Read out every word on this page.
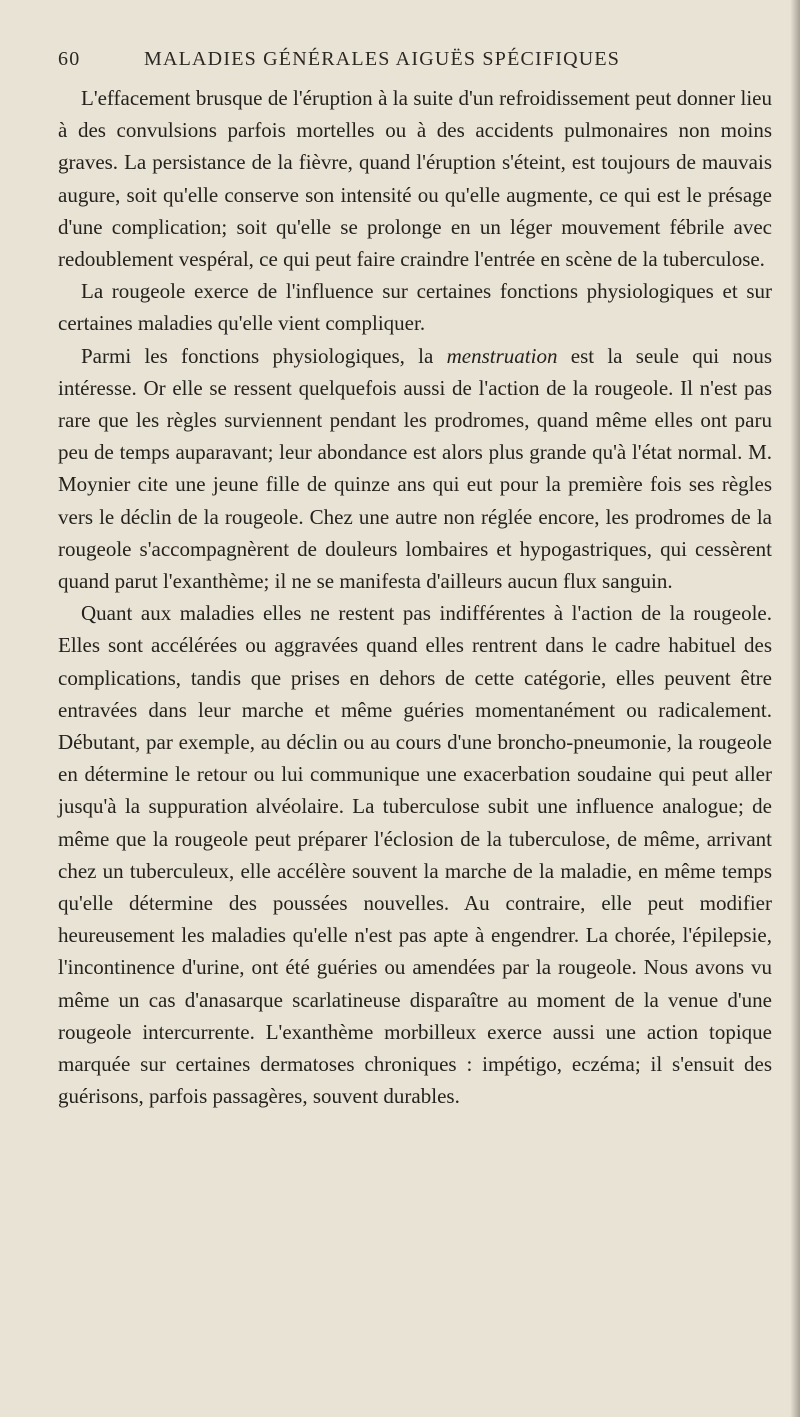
60	MALADIES GÉNÉRALES AIGUËS SPÉCIFIQUES

L'effacement brusque de l'éruption à la suite d'un refroidissement peut donner lieu à des convulsions parfois mortelles ou à des accidents pulmonaires non moins graves. La persistance de la fièvre, quand l'éruption s'éteint, est toujours de mauvais augure, soit qu'elle conserve son intensité ou qu'elle augmente, ce qui est le présage d'une complication; soit qu'elle se prolonge en un léger mouvement fébrile avec redoublement vespéral, ce qui peut faire craindre l'entrée en scène de la tuberculose.

La rougeole exerce de l'influence sur certaines fonctions physiologiques et sur certaines maladies qu'elle vient compliquer.

Parmi les fonctions physiologiques, la menstruation est la seule qui nous intéresse. Or elle se ressent quelquefois aussi de l'action de la rougeole. Il n'est pas rare que les règles surviennent pendant les prodromes, quand même elles ont paru peu de temps auparavant; leur abondance est alors plus grande qu'à l'état normal. M. Moynier cite une jeune fille de quinze ans qui eut pour la première fois ses règles vers le déclin de la rougeole. Chez une autre non réglée encore, les prodromes de la rougeole s'accompagnèrent de douleurs lombaires et hypogastriques, qui cessèrent quand parut l'exanthème; il ne se manifesta d'ailleurs aucun flux sanguin.

Quant aux maladies elles ne restent pas indifférentes à l'action de la rougeole. Elles sont accélérées ou aggravées quand elles rentrent dans le cadre habituel des complications, tandis que prises en dehors de cette catégorie, elles peuvent être entravées dans leur marche et même guéries momentanément ou radicalement. Débutant, par exemple, au déclin ou au cours d'une broncho-pneumonie, la rougeole en détermine le retour ou lui communique une exacerbation soudaine qui peut aller jusqu'à la suppuration alvéolaire. La tuberculose subit une influence analogue; de même que la rougeole peut préparer l'éclosion de la tuberculose, de même, arrivant chez un tuberculeux, elle accélère souvent la marche de la maladie, en même temps qu'elle détermine des poussées nouvelles. Au contraire, elle peut modifier heureusement les maladies qu'elle n'est pas apte à engendrer. La chorée, l'épilepsie, l'incontinence d'urine, ont été guéries ou amendées par la rougeole. Nous avons vu même un cas d'anasarque scarlatineuse disparaître au moment de la venue d'une rougeole intercurrente. L'exanthème morbilleux exerce aussi une action topique marquée sur certaines dermatoses chroniques : impétigo, eczéma; il s'ensuit des guérisons, parfois passagères, souvent durables.
